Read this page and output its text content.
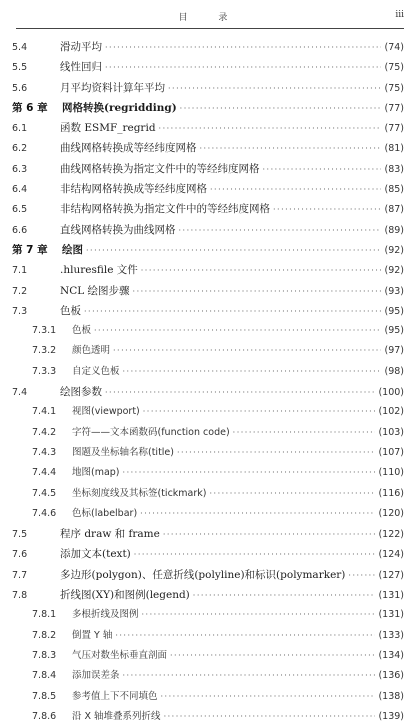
目 录	iii
5.4	滑动平均 ·····	(74)
5.5	线性回归 ·····	(75)
5.6	月平均资料计算年平均 ·····	(75)
第 6 章	网格转换(regridding) ·····	(77)
6.1	函数 ESMF_regrid ·····	(77)
6.2	曲线网格转换成等经纬度网格 ·····	(81)
6.3	曲线网格转换为指定文件中的等经纬度网格 ·····	(83)
6.4	非结构网格转换成等经纬度网格 ·····	(85)
6.5	非结构网格转换为指定文件中的等经纬度网格 ·····	(87)
6.6	直线网格转换为曲线网格 ·····	(89)
第 7 章	绘图 ·····	(92)
7.1	.hluresfile 文件 ·····	(92)
7.2	NCL 绘图步骤 ·····	(93)
7.3	色板 ·····	(95)
7.3.1	色板 ·····	(95)
7.3.2	颜色透明 ·····	(97)
7.3.3	自定义色板 ·····	(98)
7.4	绘图参数 ·····	(100)
7.4.1	视图(viewport) ·····	(102)
7.4.2	字符——文本函数码(function code) ·····	(103)
7.4.3	图题及坐标轴名称(title) ·····	(107)
7.4.4	地图(map) ·····	(110)
7.4.5	坐标刻度线及其标签(tickmark) ·····	(116)
7.4.6	色标(labelbar) ·····	(120)
7.5	程序 draw 和 frame ·····	(122)
7.6	添加文本(text) ·····	(124)
7.7	多边形(polygon)、任意折线(polyline)和标识(polymarker) ·····	(127)
7.8	折线图(XY)和图例(legend) ·····	(131)
7.8.1	多根折线及图例 ·····	(131)
7.8.2	倒置 Y 轴 ·····	(133)
7.8.3	气压对数坐标垂直剖面 ·····	(134)
7.8.4	添加误差条 ·····	(136)
7.8.5	参考值上下不同填色 ·····	(138)
7.8.6	沿 X 轴堆叠系列折线 ·····	(139)
